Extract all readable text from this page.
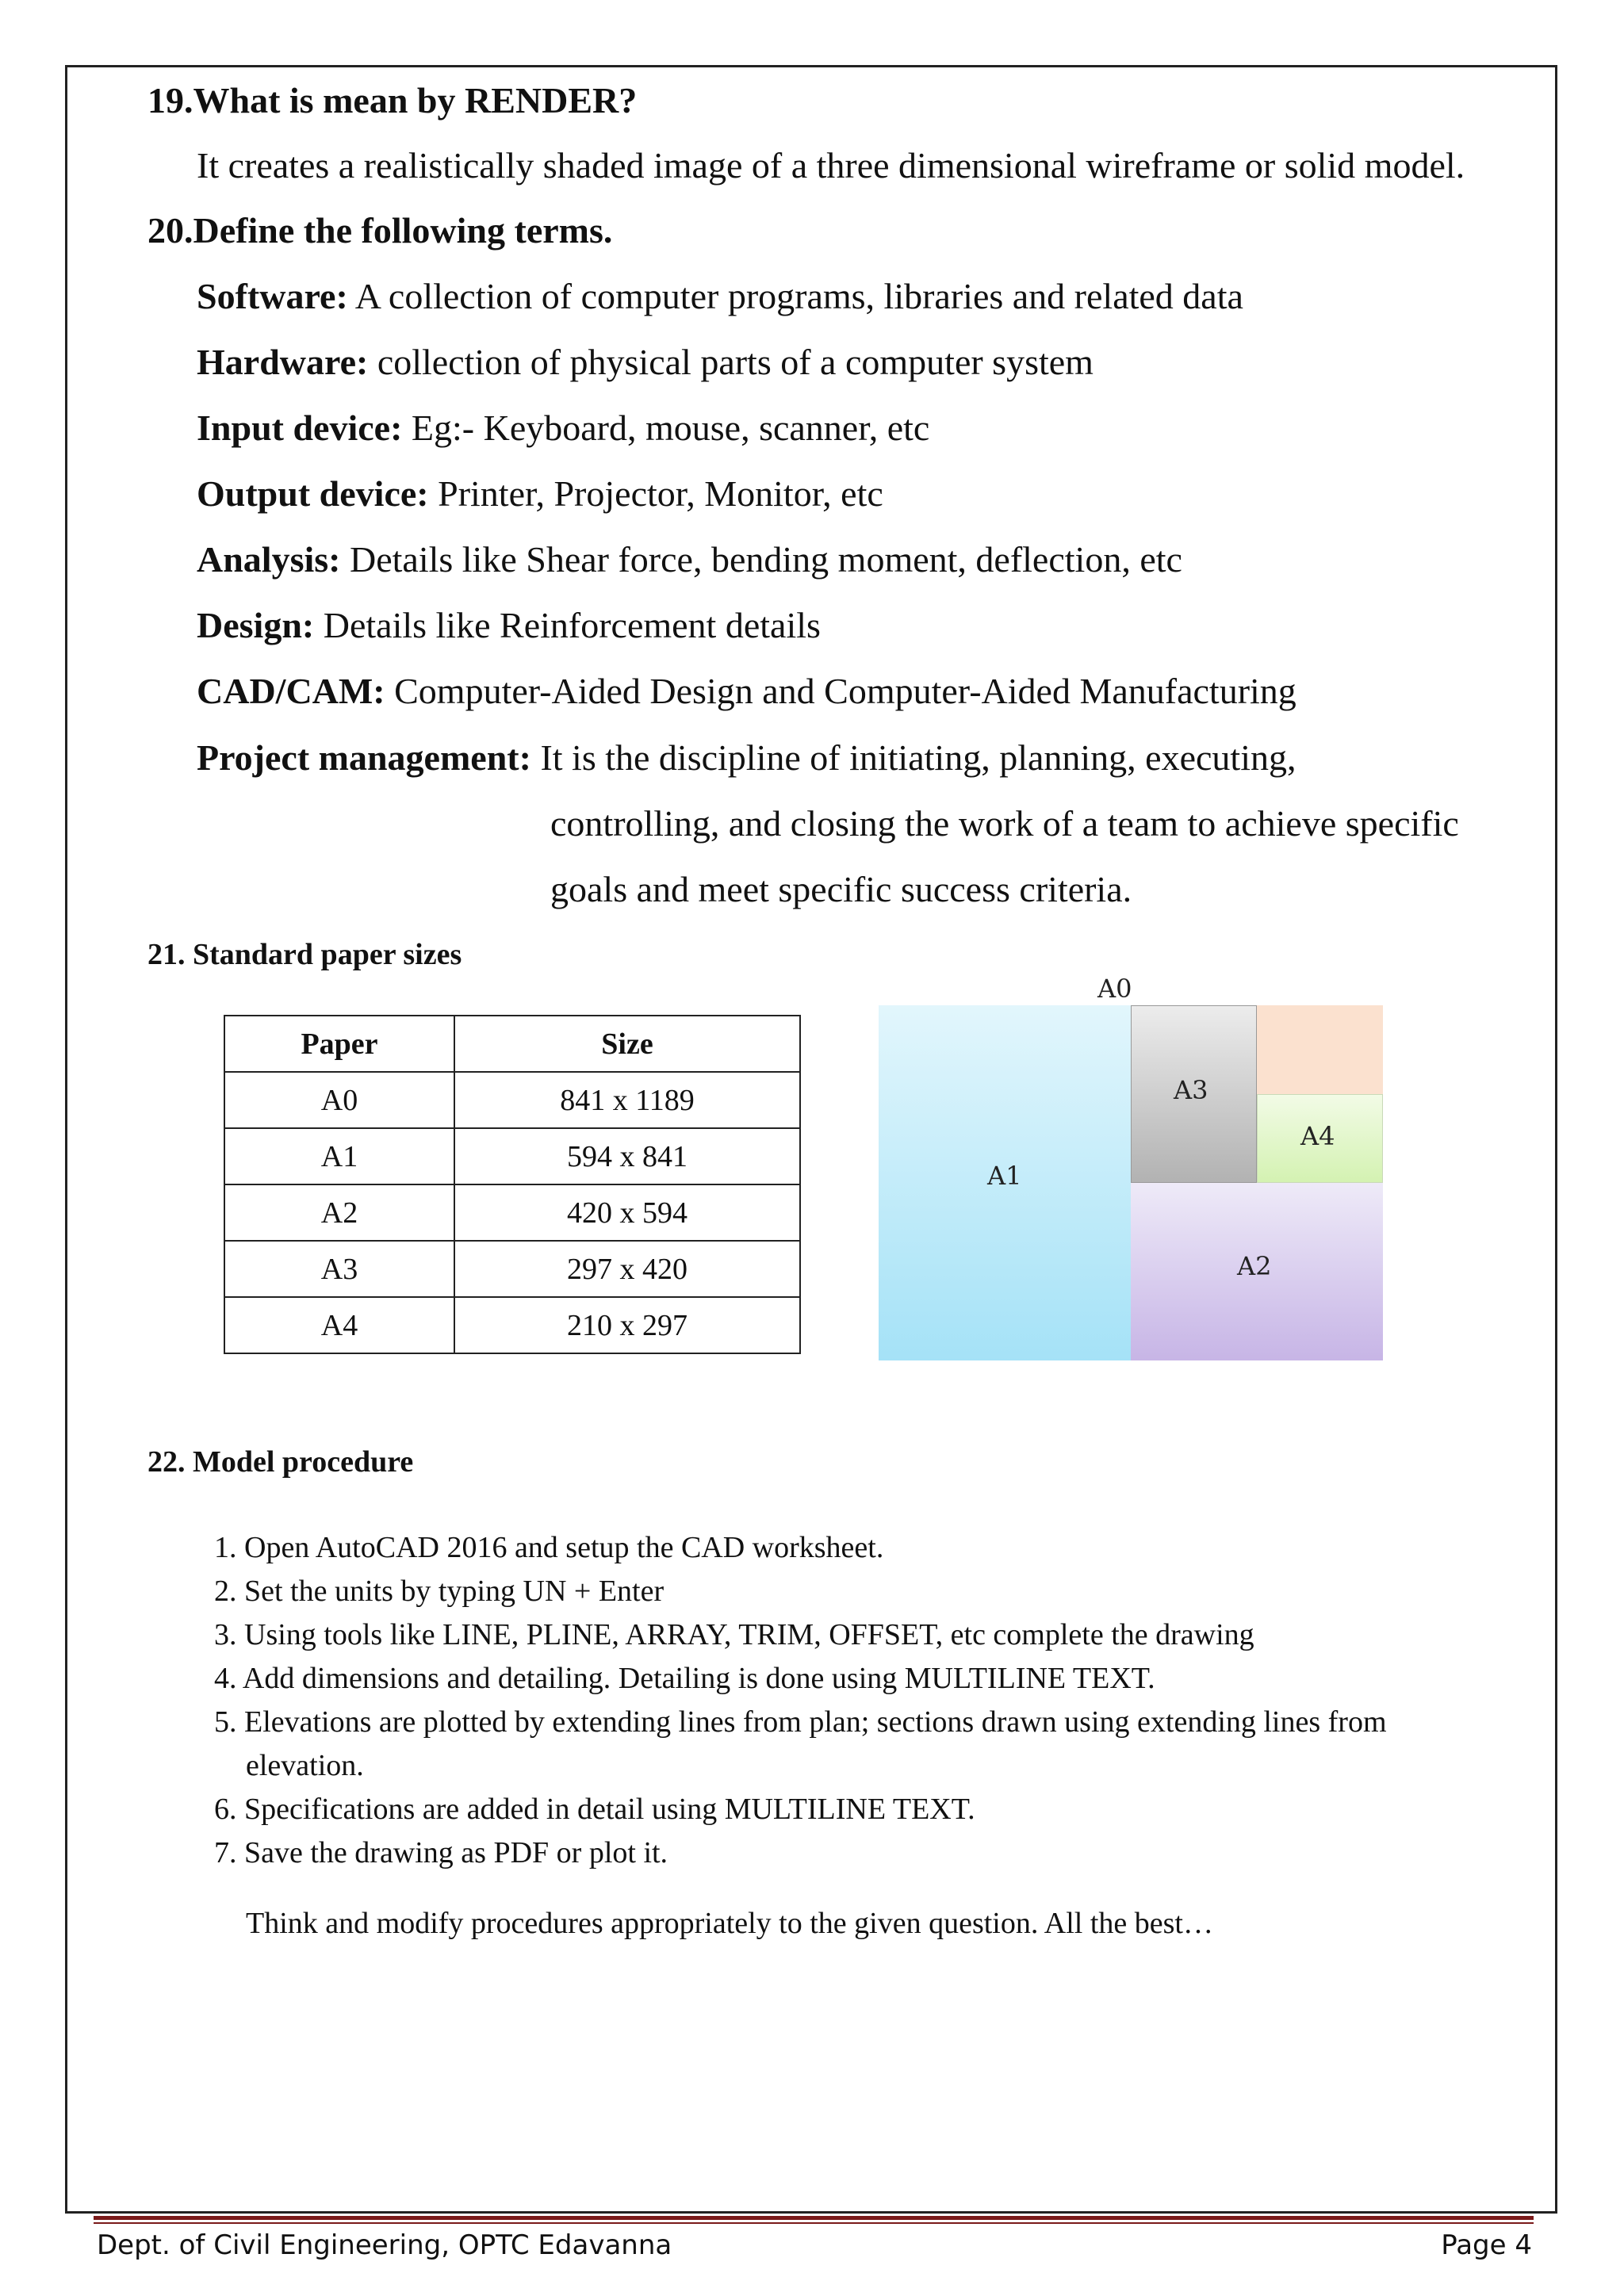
19.What is mean by RENDER?
It creates a realistically shaded image of a three dimensional wireframe or solid model.
20.Define the following terms.
Software: A collection of computer programs, libraries and related data
Hardware: collection of physical parts of a computer system
Input device: Eg:- Keyboard, mouse, scanner, etc
Output device: Printer, Projector, Monitor, etc
Analysis: Details like Shear force, bending moment, deflection, etc
Design: Details like Reinforcement details
CAD/CAM: Computer-Aided Design and Computer-Aided Manufacturing
Project management: It is the discipline of initiating, planning, executing,
controlling, and closing the work of a team to achieve specific
goals and meet specific success criteria.
21. Standard paper sizes
Paper	Size
A0	841 x 1189
A1	594 x 841
A2	420 x 594
A3	297 x 420
A4	210 x 297
A0
A1
A3
A4
A2
22. Model procedure
1. Open AutoCAD 2016 and setup the CAD worksheet.
2. Set the units by typing UN + Enter
3. Using tools like LINE, PLINE, ARRAY, TRIM, OFFSET, etc complete the drawing
4. Add dimensions and detailing. Detailing is done using MULTILINE TEXT.
5. Elevations are plotted by extending lines from plan; sections drawn using extending lines from
elevation.
6. Specifications are added in detail using MULTILINE TEXT.
7. Save the drawing as PDF or plot it.
Think and modify procedures appropriately to the given question. All the best…
Dept. of Civil Engineering, OPTC Edavanna	Page 4
